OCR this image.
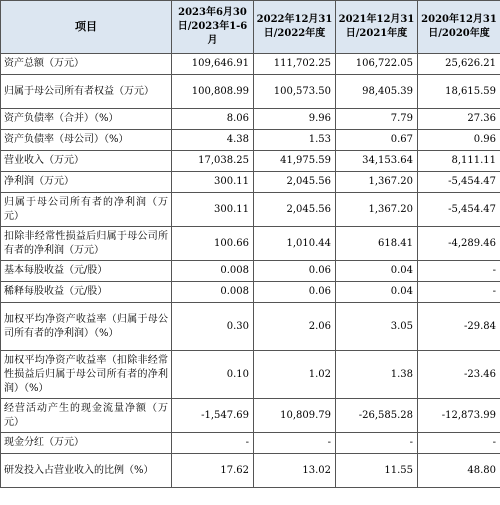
项目	2023年6月30日/2023年1-6月	2022年12月31日/2022年度	2021年12月31日/2021年度	2020年12月31日/2020年度
资产总额（万元）	109,646.91	111,702.25	106,722.05	25,626.21
归属于母公司所有者权益（万元）	100,808.99	100,573.50	98,405.39	18,615.59
资产负债率（合并）（%）	8.06	9.96	7.79	27.36
资产负债率（母公司）（%）	4.38	1.53	0.67	0.96
营业收入（万元）	17,038.25	41,975.59	34,153.64	8,111.11
净利润（万元）	300.11	2,045.56	1,367.20	-5,454.47
归属于母公司所有者的净利润（万元）	300.11	2,045.56	1,367.20	-5,454.47
扣除非经常性损益后归属于母公司所有者的净利润（万元）	100.66	1,010.44	618.41	-4,289.46
基本每股收益（元/股）	0.008	0.06	0.04	-
稀释每股收益（元/股）	0.008	0.06	0.04	-
加权平均净资产收益率（归属于母公司所有者的净利润）（%）	0.30	2.06	3.05	-29.84
加权平均净资产收益率（扣除非经常性损益后归属于母公司所有者的净利润）（%）	0.10	1.02	1.38	-23.46
经营活动产生的现金流量净额（万元）	-1,547.69	10,809.79	-26,585.28	-12,873.99
现金分红（万元）	-	-	-	-
研发投入占营业收入的比例（%）	17.62	13.02	11.55	48.80
